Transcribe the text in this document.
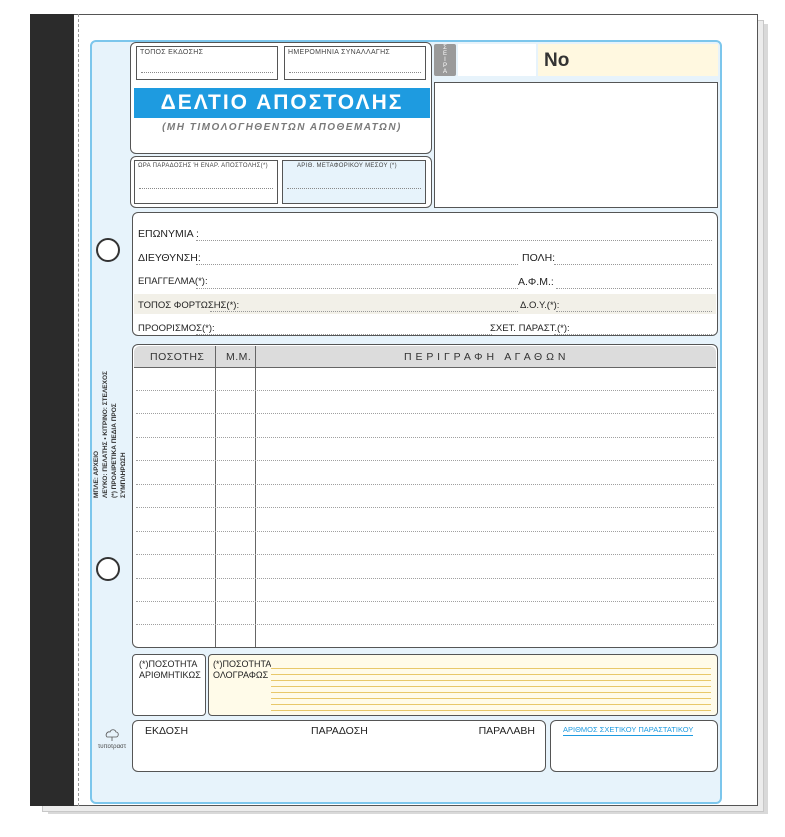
ΤΟΠΟΣ ΕΚΔΟΣΗΣ	ΗΜΕΡΟΜΗΝΙΑ ΣΥΝΑΛΛΑΓΗΣ
ΔΕΛΤΙΟ ΑΠΟΣΤΟΛΗΣ
(ΜΗ ΤΙΜΟΛΟΓΗΘΕΝΤΩΝ ΑΠΟΘΕΜΑΤΩΝ)
ΩΡΑ ΠΑΡΑΔΟΣΗΣ Ή ΕΝΑΡ. ΑΠΟΣΤΟΛΗΣ(*)	ΑΡΙΘ. ΜΕΤΑΦΟΡΙΚΟΥ ΜΕΣΟΥ (*)
ΣΕΙΡΑ	No
ΕΠΩΝΥΜΙΑ :
ΔΙΕΥΘΥΝΣΗ:	ΠΟΛΗ:
ΕΠΑΓΓΕΛΜΑ(*):	Α.Φ.Μ.:
ΤΟΠΟΣ ΦΟΡΤΩΣΗΣ(*):	Δ.Ο.Υ.(*):
ΠΡΟΟΡΙΣΜΟΣ(*):	ΣΧΕΤ. ΠΑΡΑΣΤ.(*):
ΠΟΣΟΤΗΣ Μ.Μ.	Π Ε Ρ Ι Γ Ρ Α Φ Η   Α Γ Α Θ Ω Ν
ΜΠΛΕ: ΑΡΧΕΙΟ ΛΕΥΚΟ: ΠΕΛΑΤΗΣ • ΚΙΤΡΙΝΟ: ΣΤΕΛΕΧΟΣ (*) ΠΡΟΑΙΡΕΤΙΚΑ ΠΕΔΙΑ ΠΡΟΣ ΣΥΜΠΛΗΡΩΣΗ
(*)ΠΟΣΟΤΗΤΑ ΑΡΙΘΜΗΤΙΚΩΣ
(*)ΠΟΣΟΤΗΤΑ ΟΛΟΓΡΑΦΩΣ
ΕΚΔΟΣΗ	ΠΑΡΑΔΟΣΗ	ΠΑΡΑΛΑΒΗ	ΑΡΙΘΜΟΣ ΣΧΕΤΙΚΟΥ ΠΑΡΑΣΤΑΤΙΚΟΥ
τυποτραστ
